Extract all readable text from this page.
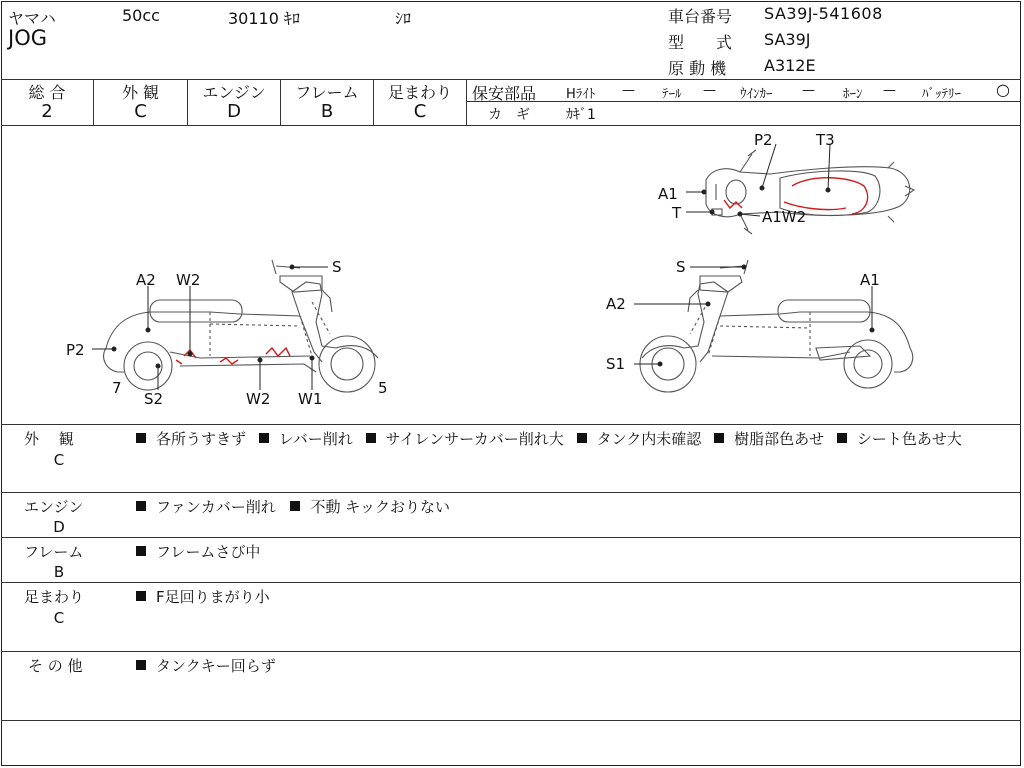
ヤマハ	50cc	30110 ｷﾛ	ｼﾛ
JOG
車台番号 SA39J-541608
型　　式 SA39J
原 動 機 A312E
総 合
2
外 観
C
エンジン
D
フレーム
B
足まわり
C
保安部品 Hﾗｲﾄ — ﾃｰﾙ — ｳｲﾝｶｰ — ﾎｰﾝ — ﾊﾞｯﾃﾘｰ ○
カ　ギ	ｶｷﾞ1
P2	T3
A1
T	A1W2
S
A2 W2
P2
7
S2	W2 W1
5
S
A1
A2
S1
外　 観
C
各所うすきず レバー削れ サイレンサーカバー削れ大 タンク内未確認 樹脂部色あせ シート色あせ大
エンジン
D
ファンカバー削れ 不動 キックおりない
フレーム
B
フレームさび中
足まわり
C
F足回りまがり小
そ の 他	タンクキー回らず
